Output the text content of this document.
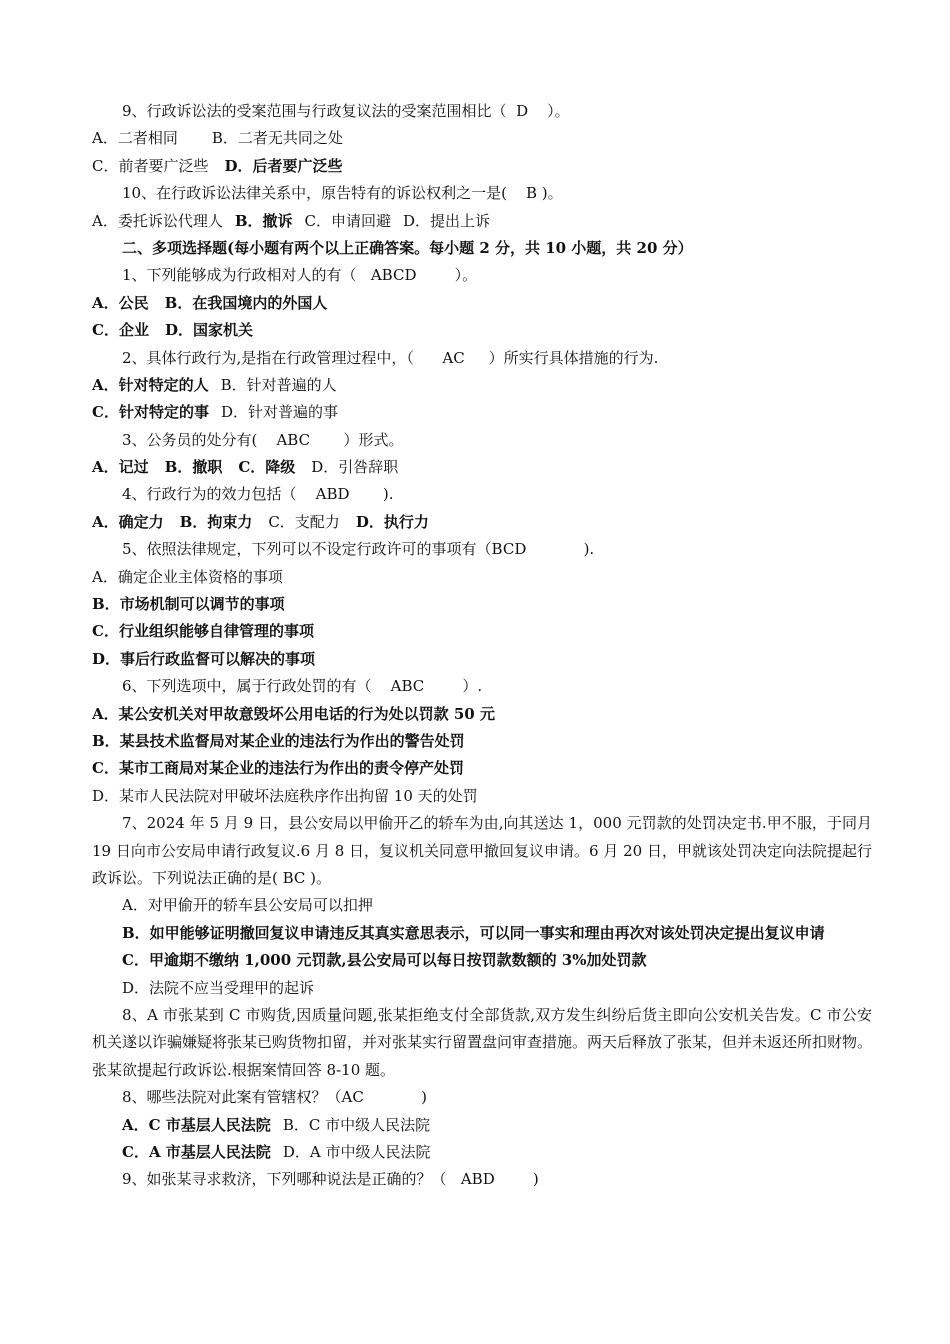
9、行政诉讼法的受案范围与行政复议法的受案范围相比（  D    ）。
A．二者相同 B．二者无共同之处
C．前者要广泛些 D．后者要广泛些
10、在行政诉讼法律关系中，原告特有的诉讼权利之一是(    B )。
A．委托诉讼代理人 B．撤诉 C．申请回避 D．提出上诉
二、多项选择题(每小题有两个以上正确答案。每小题 2 分，共 10 小题，共 20 分）
1、下列能够成为行政相对人的有（   ABCD        ）。
A．公民 B．在我国境内的外国人
C．企业 D．国家机关
2、具体行政行为,是指在行政管理过程中，（      AC     ）所实行具体措施的行为.
A．针对特定的人 B．针对普遍的人
C．针对特定的事 D．针对普遍的事
3、公务员的处分有(    ABC       ）形式。
A．记过 B．撤职 C．降级 D．引咎辞职
4、行政行为的效力包括（    ABD       ).
A．确定力 B．拘束力 C．支配力 D．执行力
5、依照法律规定，下列可以不设定行政许可的事项有（BCD            ).
A．确定企业主体资格的事项
B．市场机制可以调节的事项
C．行业组织能够自律管理的事项
D．事后行政监督可以解决的事项
6、下列选项中，属于行政处罚的有（    ABC        ）.
A．某公安机关对甲故意毁坏公用电话的行为处以罚款 50 元
B．某县技术监督局对某企业的违法行为作出的警告处罚
C．某市工商局对某企业的违法行为作出的责令停产处罚
D．某市人民法院对甲破坏法庭秩序作出拘留 10 天的处罚
7、2024 年 5 月 9 日，县公安局以甲偷开乙的轿车为由,向其送达 1，000 元罚款的处罚决定书.甲不服，于同月 19 日向市公安局申请行政复议.6 月 8 日，复议机关同意甲撤回复议申请。6 月 20 日，甲就该处罚决定向法院提起行政诉讼。下列说法正确的是( BC )。
A．对甲偷开的轿车县公安局可以扣押
B．如甲能够证明撤回复议申请违反其真实意思表示，可以同一事实和理由再次对该处罚决定提出复议申请
C．甲逾期不缴纳 1,000 元罚款,县公安局可以每日按罚款数额的 3%加处罚款
D．法院不应当受理甲的起诉
8、A 市张某到 C 市购货,因质量问题,张某拒绝支付全部货款,双方发生纠纷后货主即向公安机关告发。C 市公安机关遂以诈骗嫌疑将张某已购货物扣留，并对张某实行留置盘问审查措施。两天后释放了张某，但并未返还所扣财物。张某欲提起行政诉讼.根据案情回答 8-10 题。
8、哪些法院对此案有管辖权？（AC            )
A．C 市基层人民法院 B．C 市中级人民法院
C．A 市基层人民法院 D．A 市中级人民法院
9、如张某寻求救济，下列哪种说法是正确的？（   ABD        )
